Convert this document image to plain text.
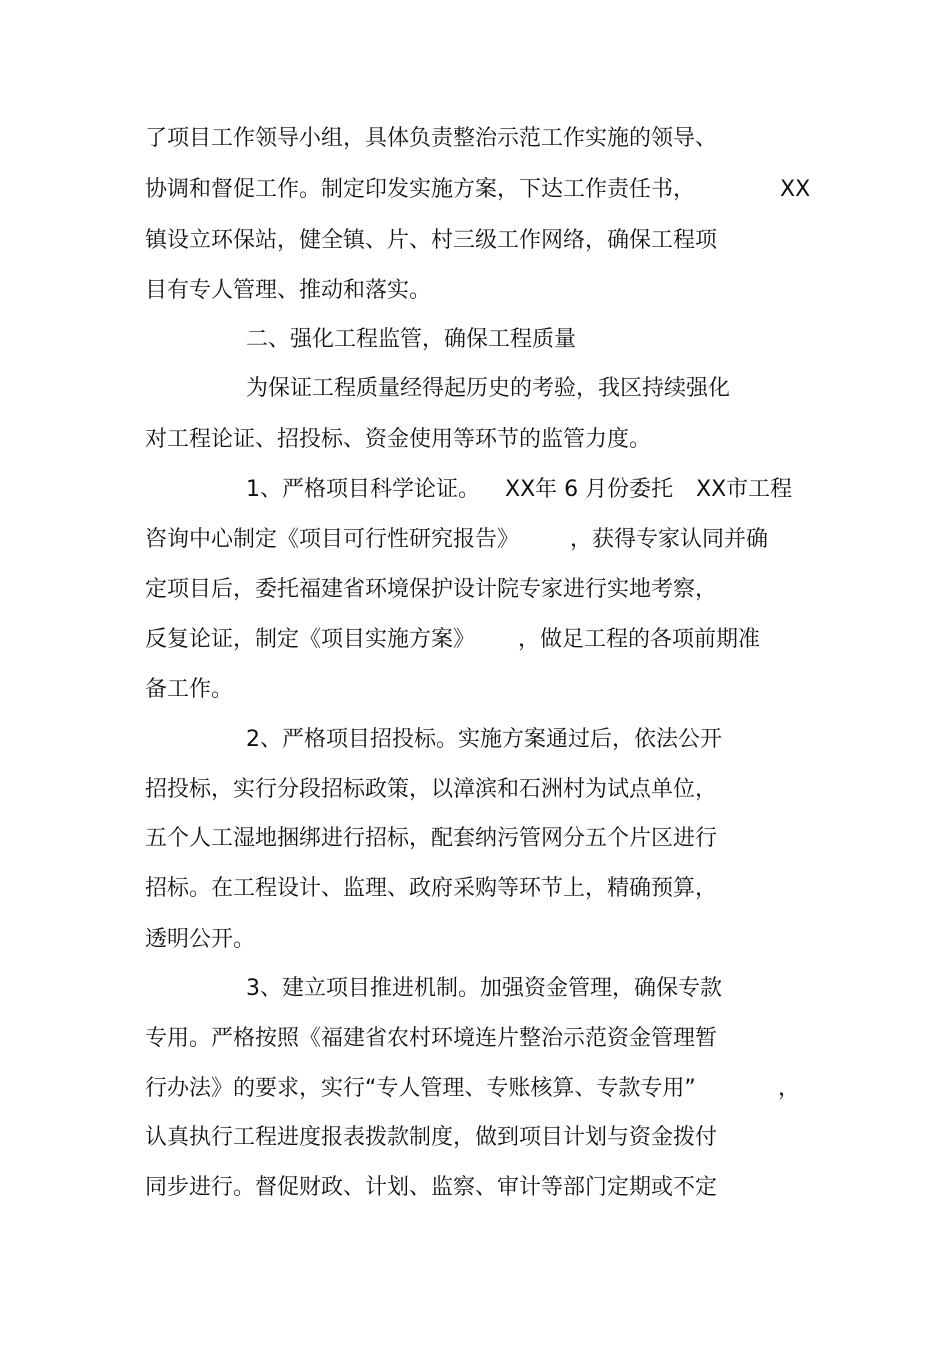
了项目工作领导小组，具体负责整治示范工作实施的领导、

协调和督促工作。制定印发实施方案，下达工作责任书，

	XX

镇设立环保站，健全镇、片、村三级工作网络，确保工程项

目有专人管理、推动和落实。

二、强化工程监管，确保工程质量

为保证工程质量经得起历史的考验，我区持续强化

对工程论证、招投标、资金使用等环节的监管力度。

1、严格项目科学论证。

XX年 6 月份委托

XX市工程

咨询中心制定《项目可行性研究报告》

，获得专家认同并确

定项目后，委托福建省环境保护设计院专家进行实地考察，

反复论证，制定《项目实施方案》

，做足工程的各项前期准

备工作。

2、严格项目招投标。实施方案通过后，依法公开

招投标，实行分段招标政策，以漳滨和石洲村为试点单位，

五个人工湿地捆绑进行招标，配套纳污管网分五个片区进行

招标。在工程设计、监理、政府采购等环节上，精确预算，

透明公开。

3、建立项目推进机制。加强资金管理，确保专款

专用。严格按照《福建省农村环境连片整治示范资金管理暂

行办法》的要求，实行“专人管理、专账核算、专款专用”

	，

认真执行工程进度报表拨款制度，做到项目计划与资金拨付

同步进行。督促财政、计划、监察、审计等部门定期或不定
